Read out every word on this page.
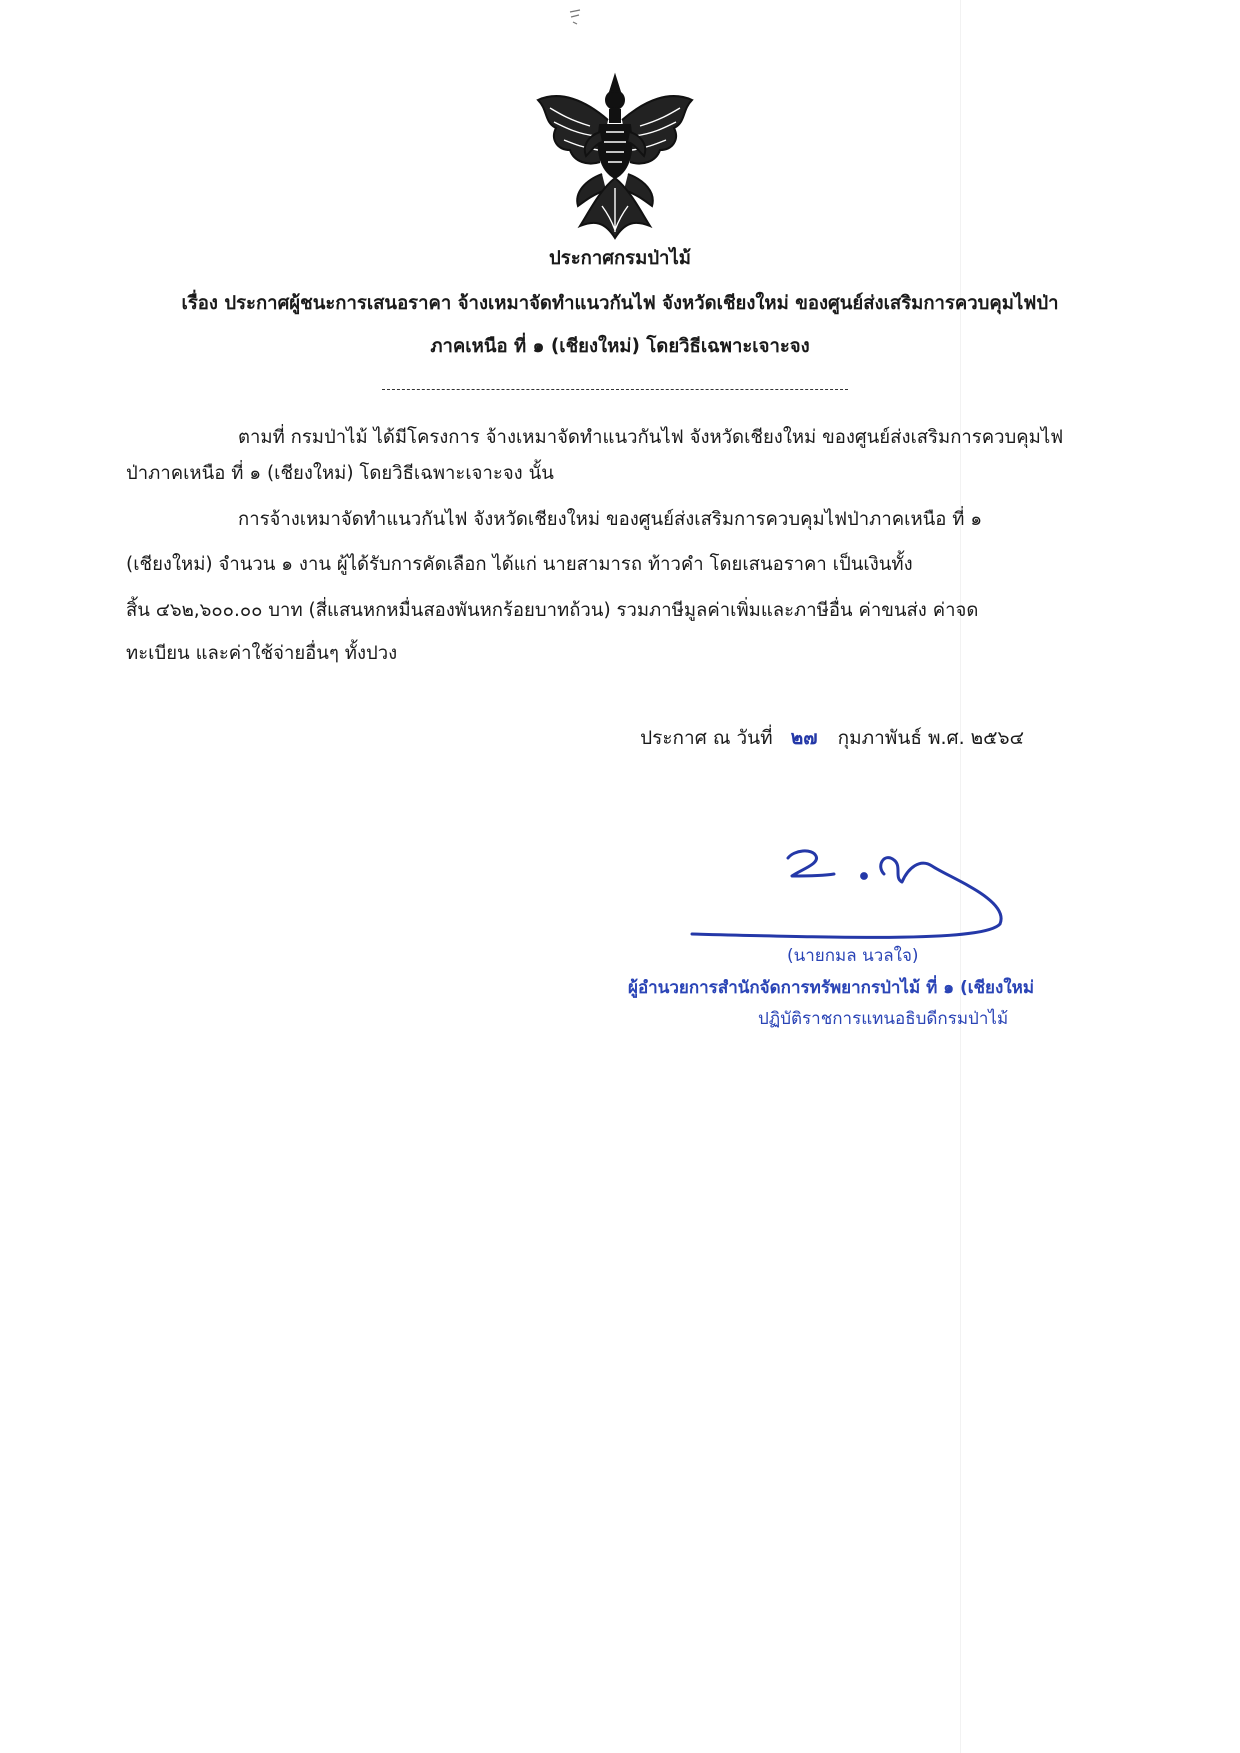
ประกาศกรมป่าไม้
เรื่อง ประกาศผู้ชนะการเสนอราคา จ้างเหมาจัดทำแนวกันไฟ จังหวัดเชียงใหม่ ของศูนย์ส่งเสริมการควบคุมไฟป่า
ภาคเหนือ ที่ ๑ (เชียงใหม่) โดยวิธีเฉพาะเจาะจง
ตามที่ กรมป่าไม้ ได้มีโครงการ จ้างเหมาจัดทำแนวกันไฟ จังหวัดเชียงใหม่ ของศูนย์ส่งเสริมการควบคุมไฟ
ป่าภาคเหนือ ที่ ๑ (เชียงใหม่) โดยวิธีเฉพาะเจาะจง นั้น
การจ้างเหมาจัดทำแนวกันไฟ จังหวัดเชียงใหม่ ของศูนย์ส่งเสริมการควบคุมไฟป่าภาคเหนือ ที่ ๑
(เชียงใหม่) จำนวน ๑ งาน ผู้ได้รับการคัดเลือก ได้แก่ นายสามารถ ท้าวคำ โดยเสนอราคา เป็นเงินทั้ง
สิ้น ๔๖๒,๖๐๐.๐๐ บาท (สี่แสนหกหมื่นสองพันหกร้อยบาทถ้วน) รวมภาษีมูลค่าเพิ่มและภาษีอื่น ค่าขนส่ง ค่าจด
ทะเบียน และค่าใช้จ่ายอื่นๆ ทั้งปวง
ประกาศ ณ วันที่ ๒๗ กุมภาพันธ์ พ.ศ. ๒๕๖๔
(นายกมล นวลใจ)
ผู้อำนวยการสำนักจัดการทรัพยากรป่าไม้ ที่ ๑ (เชียงใหม่
ปฏิบัติราชการแทนอธิบดีกรมป่าไม้
